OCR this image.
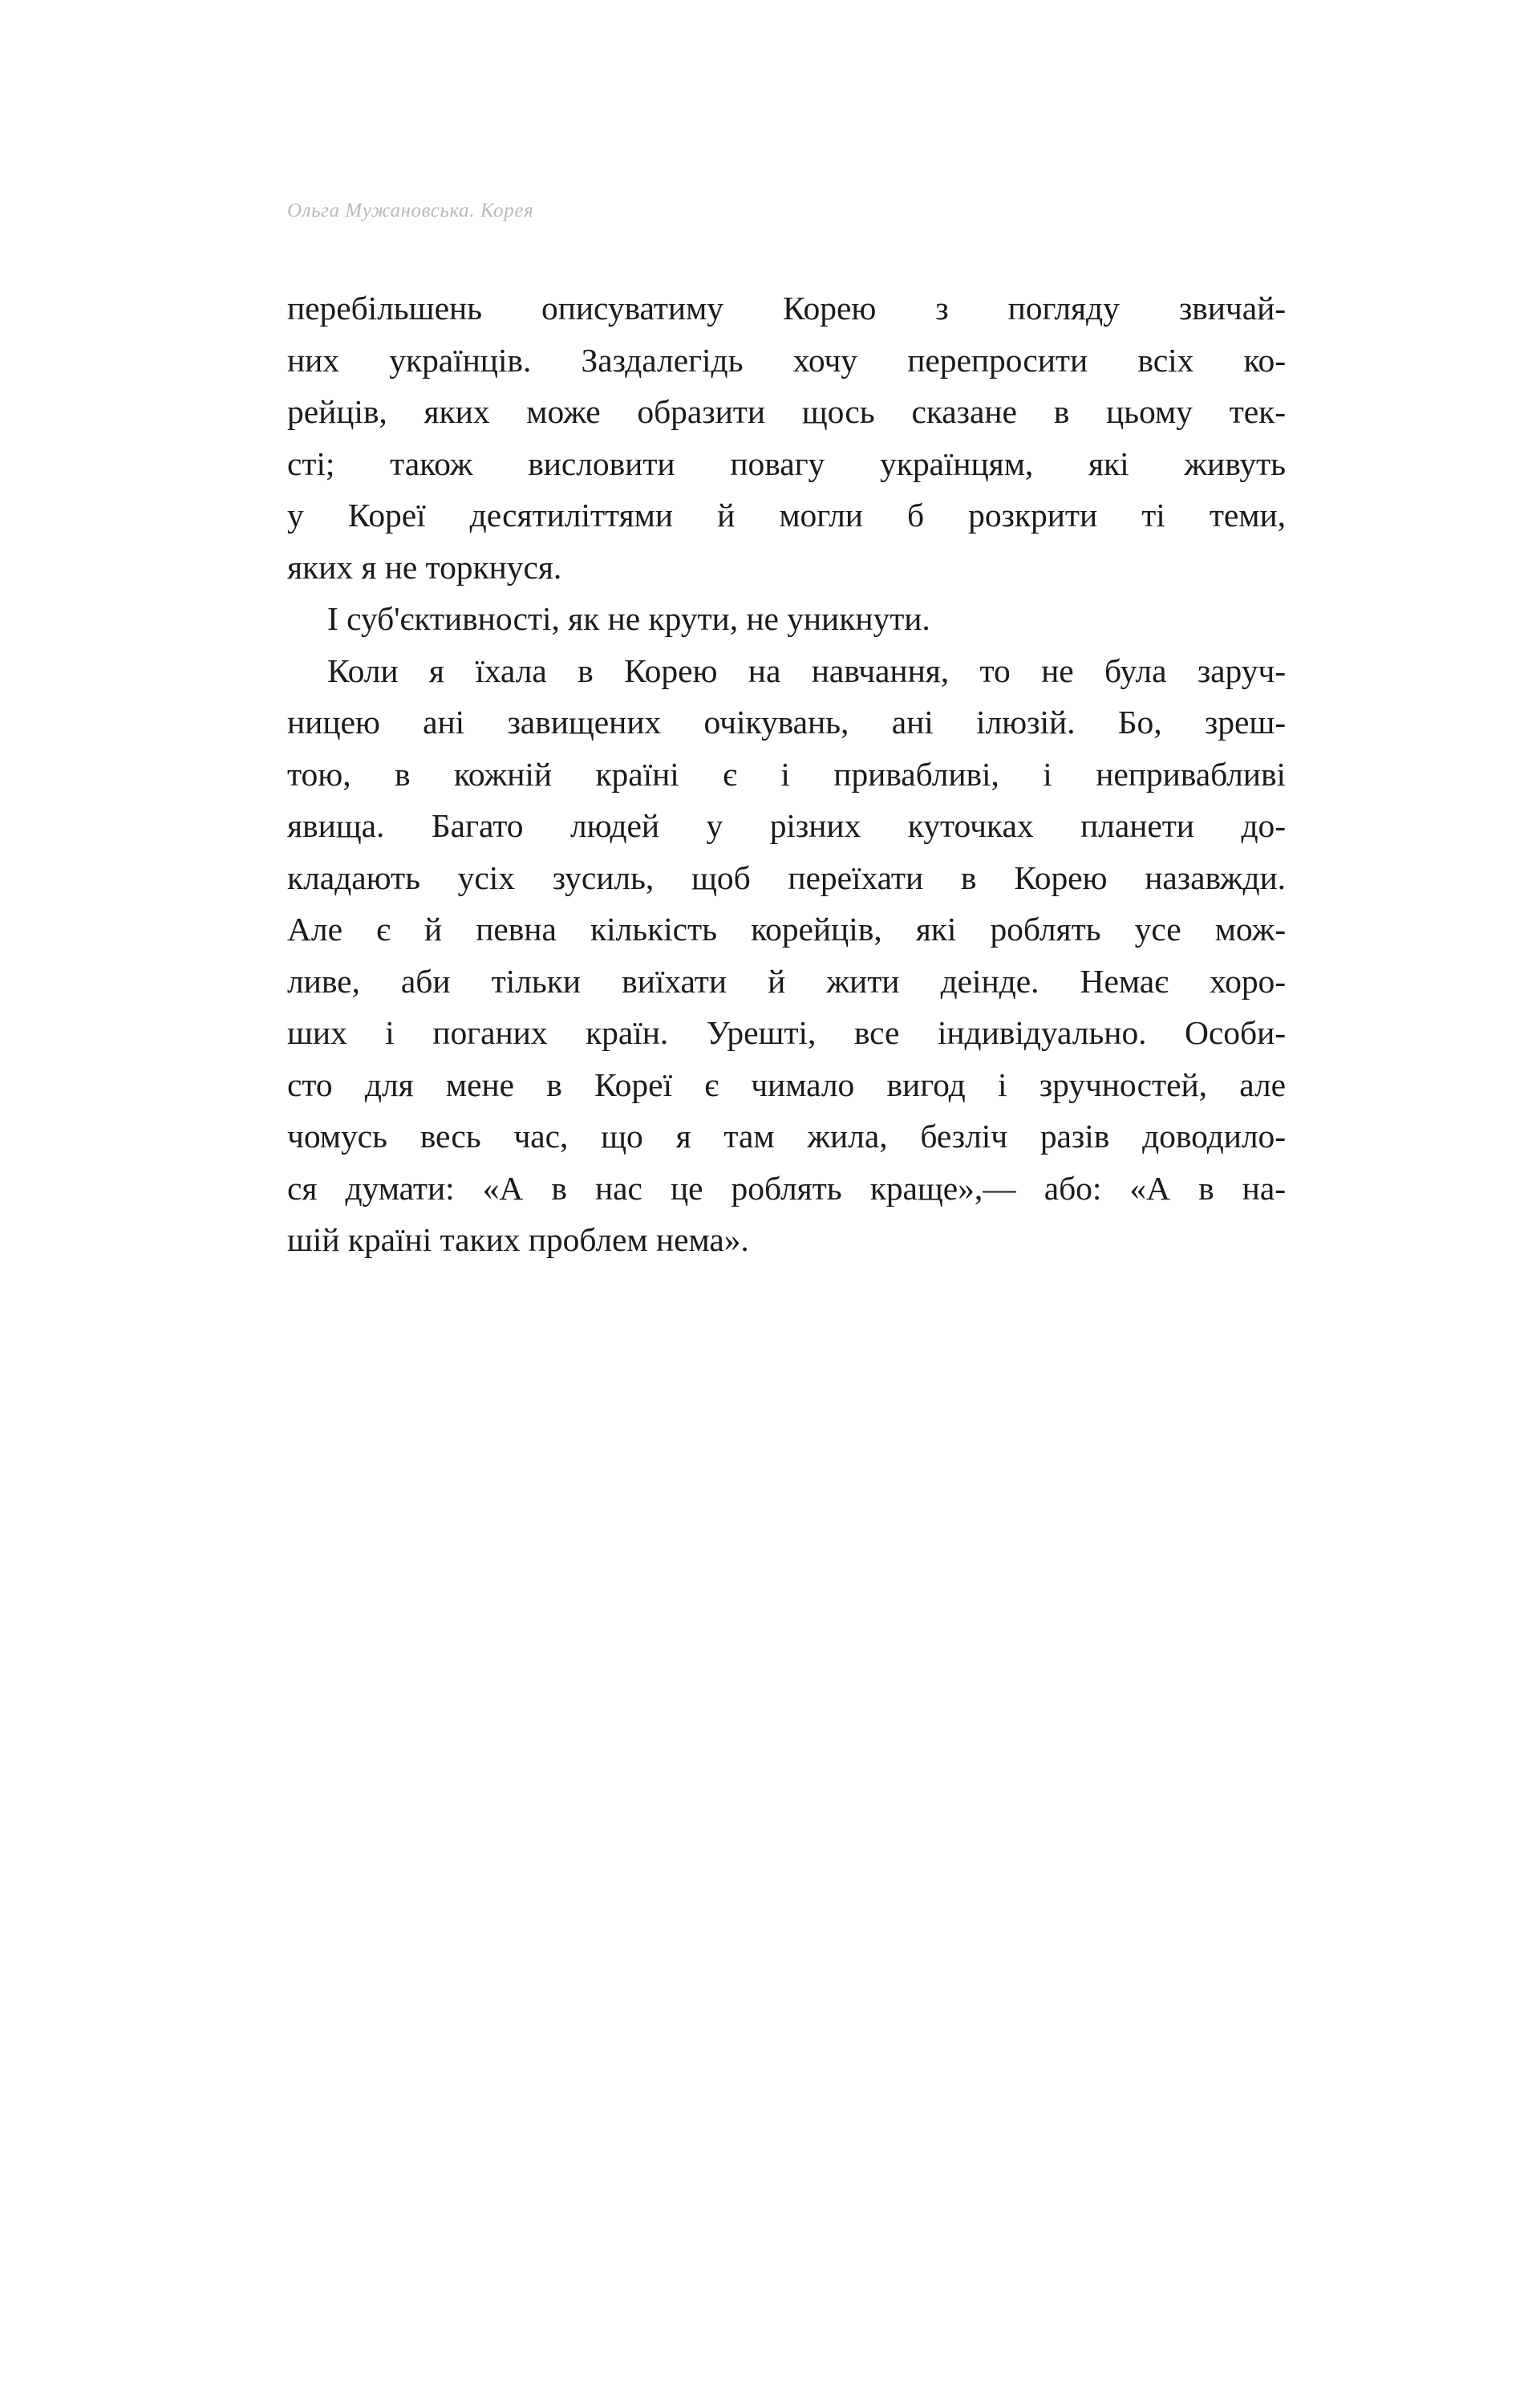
Ольга Мужановська. Корея

перебільшень описуватиму Корею з погляду звичай-
них українців. Заздалегідь хочу перепросити всіх ко-
рейців, яких може образити щось сказане в цьому тек-
сті; також висловити повагу українцям, які живуть
у Кореї десятиліттями й могли б розкрити ті теми,
яких я не торкнуся.

І суб'єктивності, як не крути, не уникнути.

Коли я їхала в Корею на навчання, то не була заруч-
ницею ані завищених очікувань, ані ілюзій. Бо, зреш-
тою, в кожній країні є і привабливі, і непривабливі
явища. Багато людей у різних куточках планети до-
кладають усіх зусиль, щоб переїхати в Корею назавжди.
Але є й певна кількість корейців, які роблять усе мож-
ливе, аби тільки виїхати й жити деінде. Немає хоро-
ших і поганих країн. Урешті, все індивідуально. Особи-
сто для мене в Кореї є чимало вигод і зручностей, але
чомусь весь час, що я там жила, безліч разів доводило-
ся думати: «А в нас це роблять краще»,— або: «А в на-
шій країні таких проблем нема».
